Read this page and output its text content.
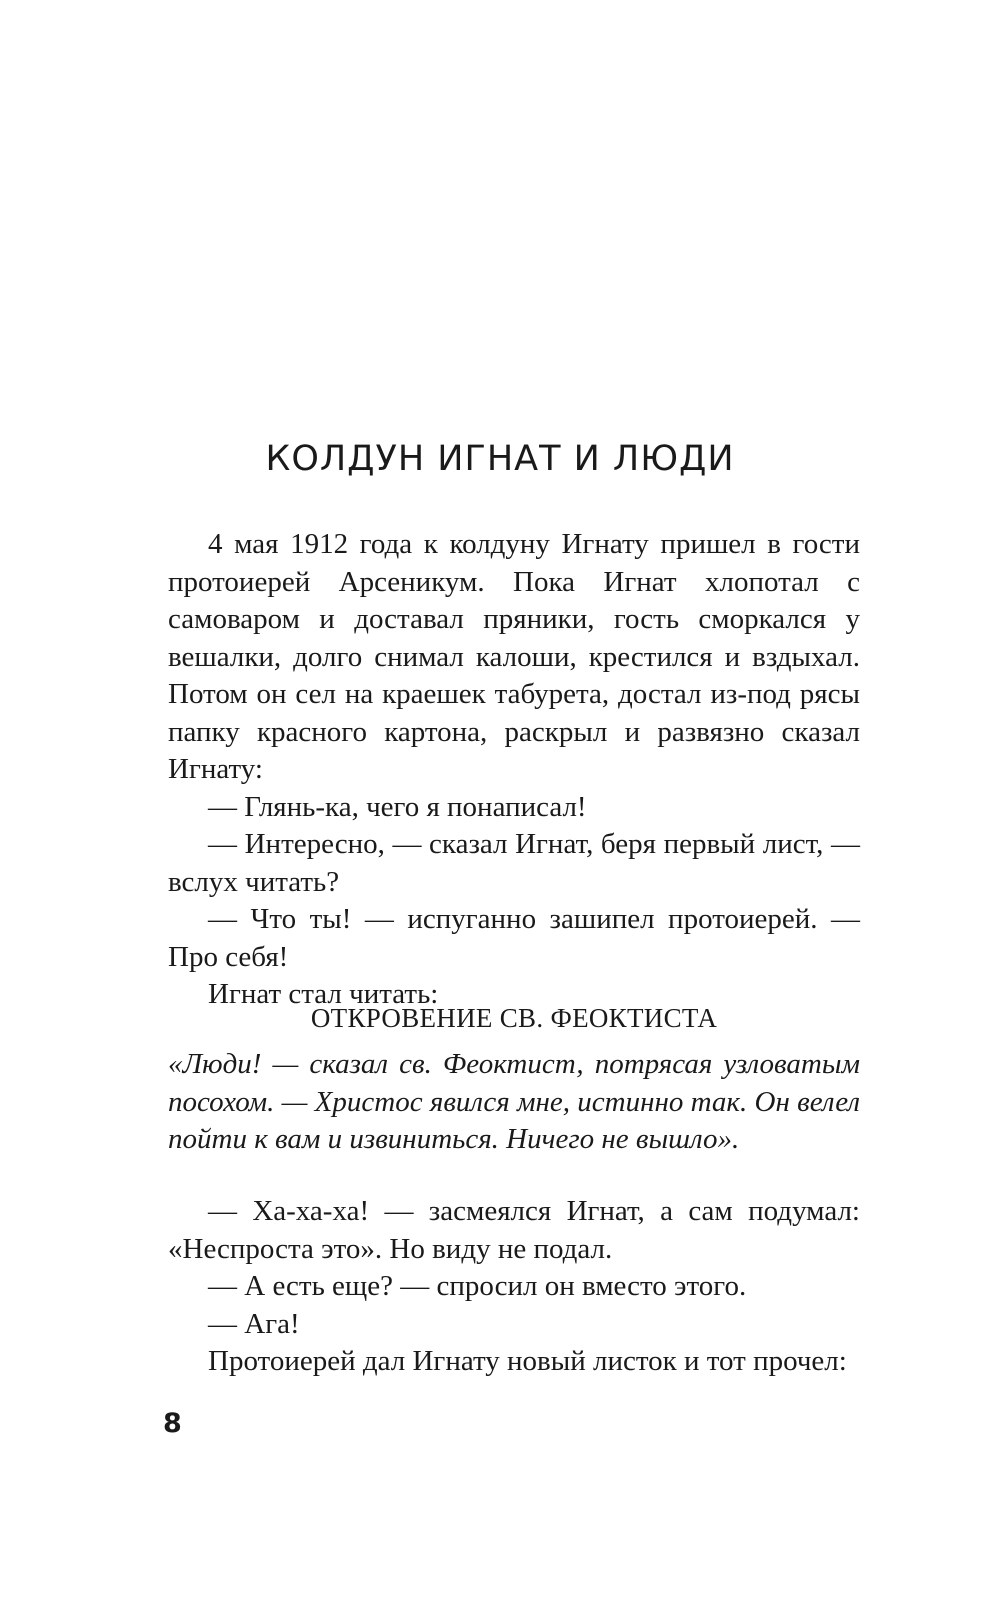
КОЛДУН ИГНАТ И ЛЮДИ

4 мая 1912 года к колдуну Игнату пришел в гости протоиерей Арсеникум. Пока Игнат хлопотал с самоваром и доставал пряники, гость сморкался у вешалки, долго снимал калоши, крестился и вздыхал. Потом он сел на краешек табурета, достал из-под рясы папку красного картона, раскрыл и развязно сказал Игнату:

— Глянь-ка, чего я понаписал!

— Интересно, — сказал Игнат, беря первый лист, — вслух читать?

— Что ты! — испуганно зашипел протоиерей. — Про себя!

Игнат стал читать:

ОТКРОВЕНИЕ СВ. ФЕОКТИСТА

«Люди! — сказал св. Феоктист, потрясая узловатым посохом. — Христос явился мне, истинно так. Он велел пойти к вам и извиниться. Ничего не вышло».

— Ха-ха-ха! — засмеялся Игнат, а сам подумал: «Неспроста это». Но виду не подал.

— А есть еще? — спросил он вместо этого.

— Ага!

Протоиерей дал Игнату новый листок и тот прочел:

8
